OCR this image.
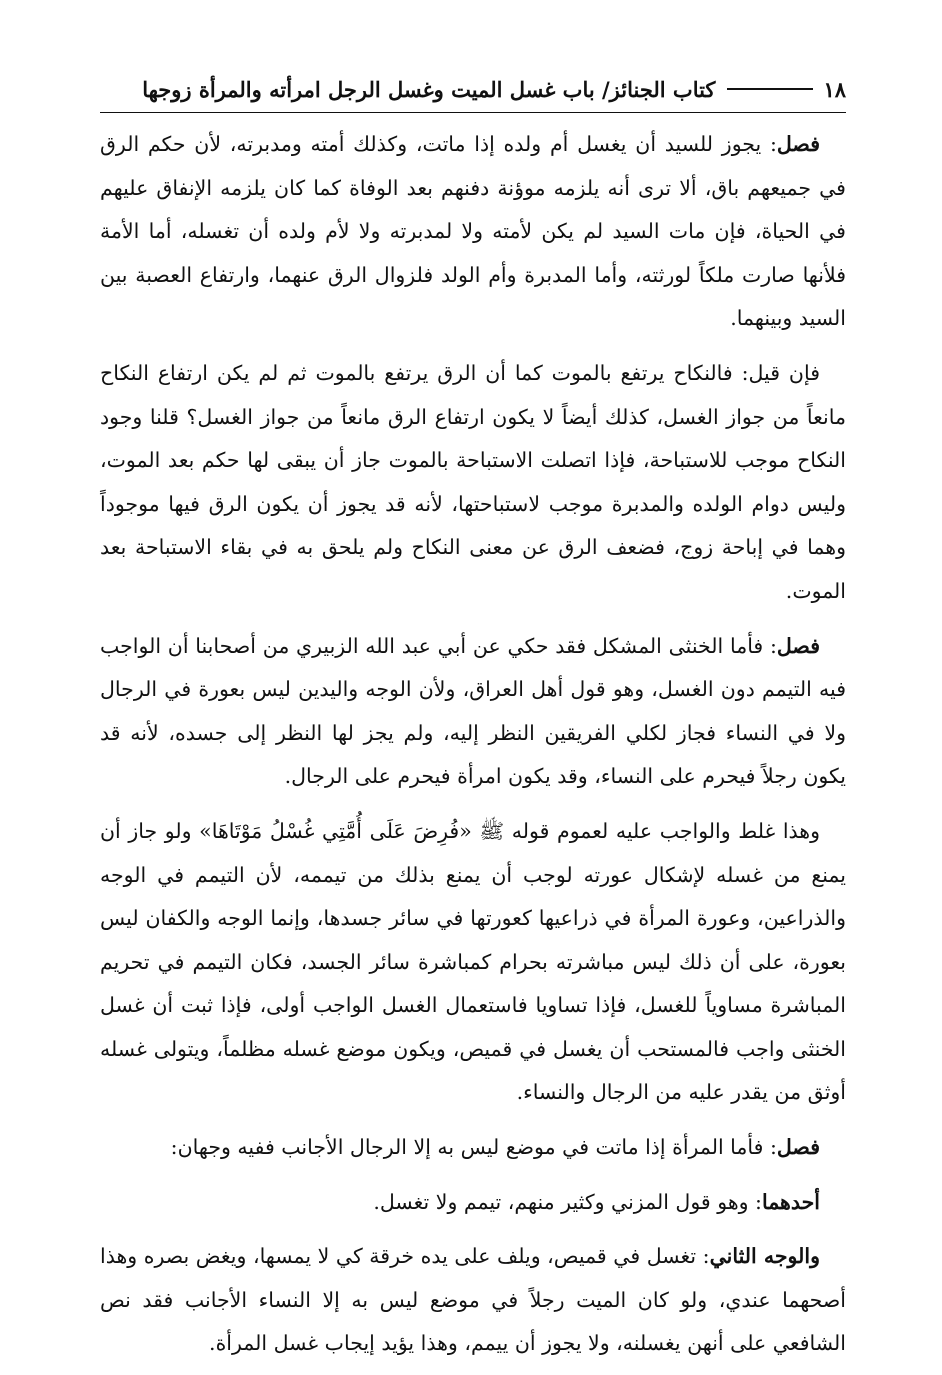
١٨
كتاب الجنائز/ باب غسل الميت وغسل الرجل امرأته والمرأة زوجها

فصل: يجوز للسيد أن يغسل أم ولده إذا ماتت، وكذلك أمته ومدبرته، لأن حكم الرق في جميعهم باق، ألا ترى أنه يلزمه موؤنة دفنهم بعد الوفاة كما كان يلزمه الإنفاق عليهم في الحياة، فإن مات السيد لم يكن لأمته ولا لمدبرته ولا لأم ولده أن تغسله، أما الأمة فلأنها صارت ملكاً لورثته، وأما المدبرة وأم الولد فلزوال الرق عنهما، وارتفاع العصبة بين السيد وبينهما.

فإن قيل: فالنكاح يرتفع بالموت كما أن الرق يرتفع بالموت ثم لم يكن ارتفاع النكاح مانعاً من جواز الغسل، كذلك أيضاً لا يكون ارتفاع الرق مانعاً من جواز الغسل؟ قلنا وجود النكاح موجب للاستباحة، فإذا اتصلت الاستباحة بالموت جاز أن يبقى لها حكم بعد الموت، وليس دوام الولده والمدبرة موجب لاستباحتها، لأنه قد يجوز أن يكون الرق فيها موجوداً وهما في إباحة زوج، فضعف الرق عن معنى النكاح ولم يلحق به في بقاء الاستباحة بعد الموت.

فصل: فأما الخنثى المشكل فقد حكي عن أبي عبد الله الزبيري من أصحابنا أن الواجب فيه التيمم دون الغسل، وهو قول أهل العراق، ولأن الوجه واليدين ليس بعورة في الرجال ولا في النساء فجاز لكلي الفريقين النظر إليه، ولم يجز لها النظر إلى جسده، لأنه قد يكون رجلاً فيحرم على النساء، وقد يكون امرأة فيحرم على الرجال.

وهذا غلط والواجب عليه لعموم قوله ﷺ «فُرِضَ عَلَى أُمَّتِي غُسْلُ مَوْتَاهَا» ولو جاز أن يمنع من غسله لإشكال عورته لوجب أن يمنع بذلك من تيممه، لأن التيمم في الوجه والذراعين، وعورة المرأة في ذراعيها كعورتها في سائر جسدها، وإنما الوجه والكفان ليس بعورة، على أن ذلك ليس مباشرته بحرام كمباشرة سائر الجسد، فكان التيمم في تحريم المباشرة مساوياً للغسل، فإذا تساويا فاستعمال الغسل الواجب أولى، فإذا ثبت أن غسل الخنثى واجب فالمستحب أن يغسل في قميص، ويكون موضع غسله مظلماً، ويتولى غسله أوثق من يقدر عليه من الرجال والنساء.

فصل: فأما المرأة إذا ماتت في موضع ليس به إلا الرجال الأجانب ففيه وجهان:

أحدهما: وهو قول المزني وكثير منهم، تيمم ولا تغسل.

والوجه الثاني: تغسل في قميص، ويلف على يده خرقة كي لا يمسها، ويغض بصره وهذا أصحهما عندي، ولو كان الميت رجلاً في موضع ليس به إلا النساء الأجانب فقد نص الشافعي على أنهن يغسلنه، ولا يجوز أن ييمم، وهذا يؤيد إيجاب غسل المرأة.
